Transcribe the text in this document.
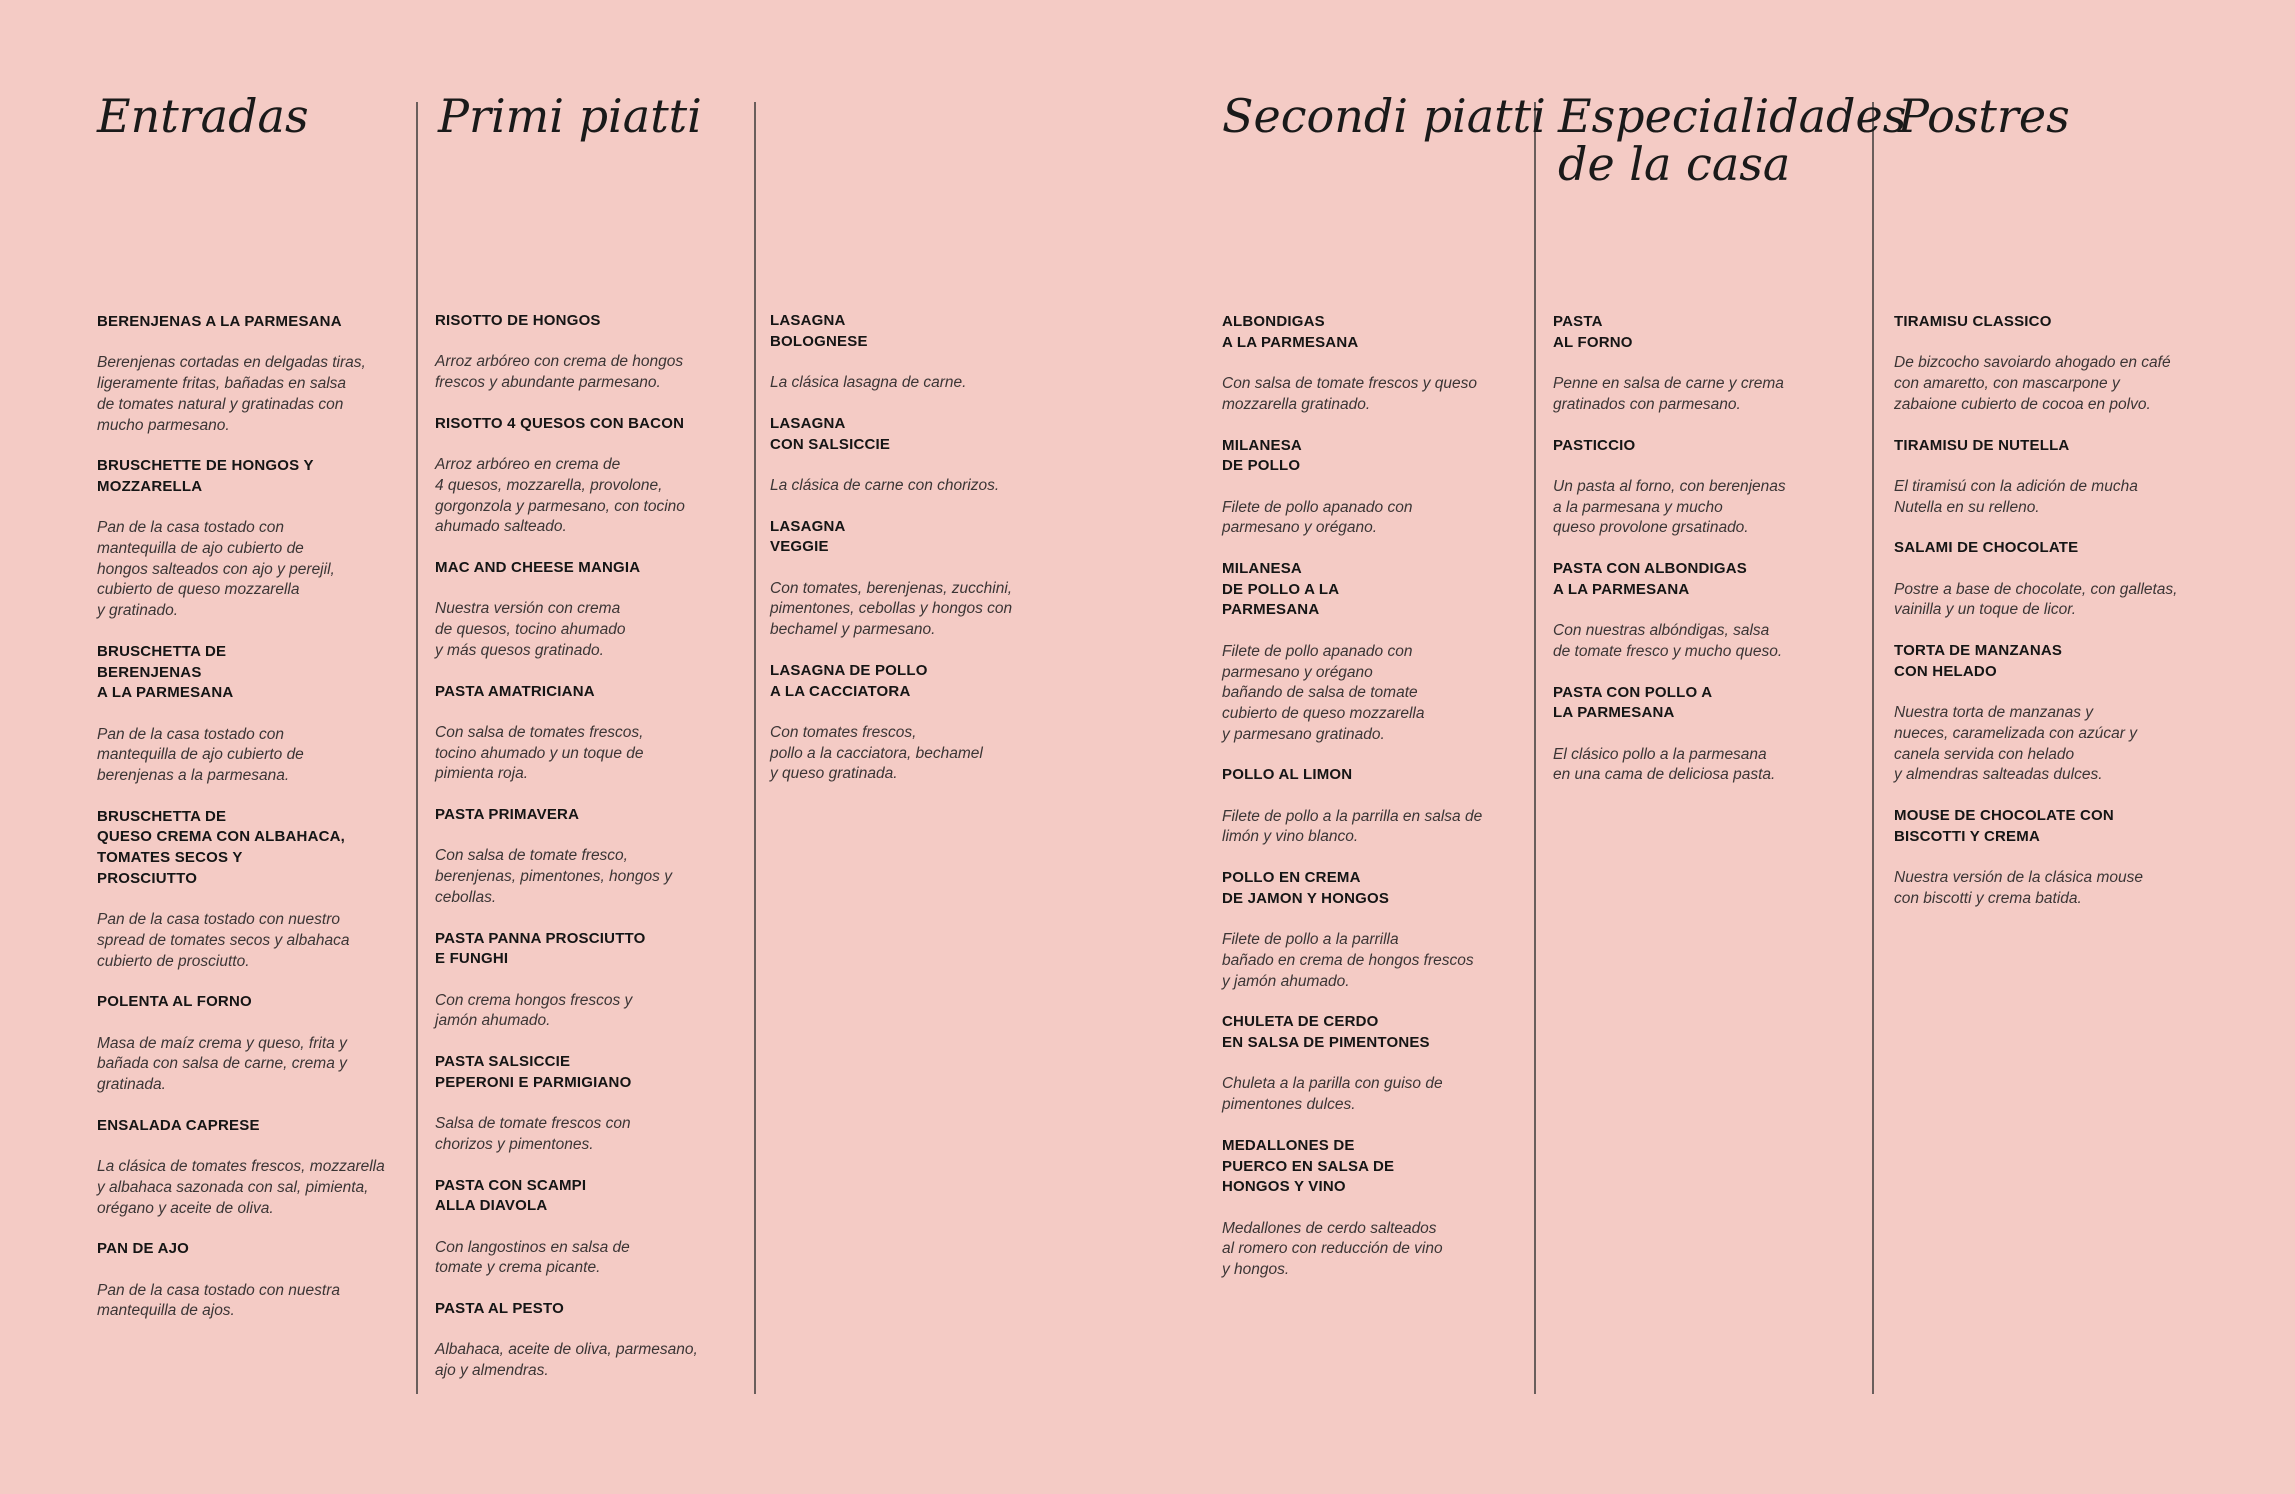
Entradas
BERENJENAS A LA PARMESANA
Berenjenas cortadas en delgadas tiras,
ligeramente fritas, bañadas en salsa
de tomates natural y gratinadas con
mucho parmesano.
BRUSCHETTE DE HONGOS Y
MOZZARELLA
Pan de la casa tostado con
mantequilla de ajo cubierto de
hongos salteados con ajo y perejil,
cubierto de queso mozzarella
y gratinado.
BRUSCHETTA DE
BERENJENAS
A LA PARMESANA
Pan de la casa tostado con
mantequilla de ajo cubierto de
berenjenas a la parmesana.
BRUSCHETTA DE
QUESO CREMA CON ALBAHACA,
TOMATES SECOS Y
PROSCIUTTO
Pan de la casa tostado con nuestro
spread de tomates secos y albahaca
cubierto de prosciutto.
POLENTA AL FORNO
Masa de maíz crema y queso, frita y
bañada con salsa de carne, crema y
gratinada.
ENSALADA CAPRESE
La clásica de tomates frescos, mozzarella
y albahaca sazonada con sal, pimienta,
orégano y aceite de oliva.
PAN DE AJO
Pan de la casa tostado con nuestra
mantequilla de ajos.
Primi piatti
RISOTTO DE HONGOS
Arroz arbóreo con crema de hongos
frescos y abundante parmesano.
RISOTTO 4 QUESOS CON BACON
Arroz arbóreo en crema de
4 quesos, mozzarella, provolone,
gorgonzola y parmesano, con tocino
ahumado salteado.
MAC AND CHEESE MANGIA
Nuestra versión con crema
de quesos, tocino ahumado
y más quesos gratinado.
PASTA AMATRICIANA
Con salsa de tomates frescos,
tocino ahumado y un toque de
pimienta roja.
PASTA PRIMAVERA
Con salsa de tomate fresco,
berenjenas, pimentones, hongos y
cebollas.
PASTA PANNA PROSCIUTTO
E FUNGHI
Con crema hongos frescos y
jamón ahumado.
PASTA SALSICCIE
PEPERONI E PARMIGIANO
Salsa de tomate frescos con
chorizos y pimentones.
PASTA CON SCAMPI
ALLA DIAVOLA
Con langostinos en salsa de
tomate y crema picante.
PASTA AL PESTO
Albahaca, aceite de oliva, parmesano,
ajo y almendras.
LASAGNA
BOLOGNESE
La clásica lasagna de carne.
LASAGNA
CON SALSICCIE
La clásica de carne con chorizos.
LASAGNA
VEGGIE
Con tomates, berenjenas, zucchini,
pimentones, cebollas y hongos con
bechamel y parmesano.
LASAGNA DE POLLO
A LA CACCIATORA
Con tomates frescos,
pollo a la cacciatora, bechamel
y queso gratinada.
Secondi piatti
ALBONDIGAS
A LA PARMESANA
Con salsa de tomate frescos y queso
mozzarella gratinado.
MILANESA
DE POLLO
Filete de pollo apanado con
parmesano y orégano.
MILANESA
DE POLLO A LA
PARMESANA
Filete de pollo apanado con
parmesano y orégano
bañando de salsa de tomate
cubierto de queso mozzarella
y parmesano gratinado.
POLLO AL LIMON
Filete de pollo a la parrilla en salsa de
limón y vino blanco.
POLLO EN CREMA
DE JAMON Y HONGOS
Filete de pollo a la parrilla
bañado en crema de hongos frescos
y jamón ahumado.
CHULETA DE CERDO
EN SALSA DE PIMENTONES
Chuleta a la parilla con guiso de
pimentones dulces.
MEDALLONES DE
PUERCO EN SALSA DE
HONGOS Y VINO
Medallones de cerdo salteados
al romero con reducción de vino
y hongos.
Especialidades
de la casa
PASTA
AL FORNO
Penne en salsa de carne y crema
gratinados con parmesano.
PASTICCIO
Un pasta al forno, con berenjenas
a la parmesana y mucho
queso provolone grsatinado.
PASTA CON ALBONDIGAS
A LA PARMESANA
Con nuestras albóndigas, salsa
de tomate fresco y mucho queso.
PASTA CON POLLO A
LA PARMESANA
El clásico pollo a la parmesana
en una cama de deliciosa pasta.
Postres
TIRAMISU CLASSICO
De bizcocho savoiardo ahogado en café
con amaretto, con mascarpone y
zabaione cubierto de cocoa en polvo.
TIRAMISU DE NUTELLA
El tiramisú con la adición de mucha
Nutella en su relleno.
SALAMI DE CHOCOLATE
Postre a base de chocolate, con galletas,
vainilla y un toque de licor.
TORTA DE MANZANAS
CON HELADO
Nuestra torta de manzanas y
nueces, caramelizada con azúcar y
canela servida con helado
y almendras salteadas dulces.
MOUSE DE CHOCOLATE CON
BISCOTTI Y CREMA
Nuestra versión de la clásica mouse
con biscotti y crema batida.
